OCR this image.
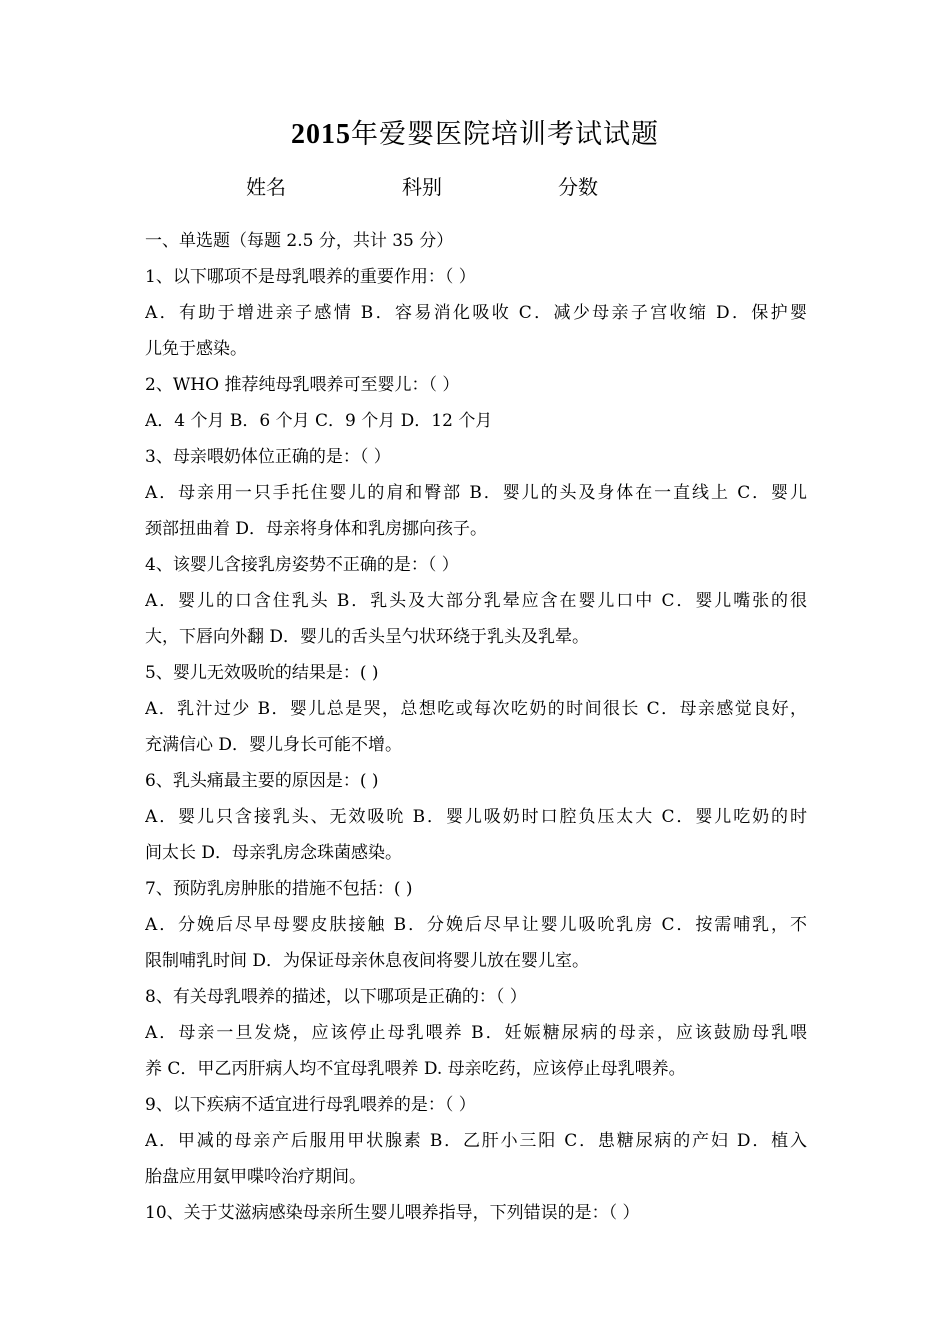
2015年爱婴医院培训考试试题
姓名	科别	分数
一、单选题（每题 2.5 分，共计 35 分）
1、以下哪项不是母乳喂养的重要作用：（ ）
A．有助于增进亲子感情 B．容易消化吸收 C．减少母亲子宫收缩 D．保护婴
儿免于感染。
2、WHO 推荐纯母乳喂养可至婴儿：（ ）
A．4 个月 B．6 个月 C．9 个月 D．12 个月
3、母亲喂奶体位正确的是：（ ）
A．母亲用一只手托住婴儿的肩和臀部 B．婴儿的头及身体在一直线上 C．婴儿
颈部扭曲着 D．母亲将身体和乳房挪向孩子。
4、该婴儿含接乳房姿势不正确的是：（ ）
A．婴儿的口含住乳头 B．乳头及大部分乳晕应含在婴儿口中 C．婴儿嘴张的很
大，下唇向外翻 D．婴儿的舌头呈勺状环绕于乳头及乳晕。
5、婴儿无效吸吮的结果是：( )
A．乳汁过少 B．婴儿总是哭，总想吃或每次吃奶的时间很长 C．母亲感觉良好，
充满信心 D．婴儿身长可能不增。
6、乳头痛最主要的原因是：( )
A．婴儿只含接乳头、无效吸吮 B．婴儿吸奶时口腔负压太大 C．婴儿吃奶的时
间太长 D．母亲乳房念珠菌感染。
7、预防乳房肿胀的措施不包括：( )
A．分娩后尽早母婴皮肤接触 B．分娩后尽早让婴儿吸吮乳房 C．按需哺乳，不
限制哺乳时间 D．为保证母亲休息夜间将婴儿放在婴儿室。
8、有关母乳喂养的描述，以下哪项是正确的：（ ）
A．母亲一旦发烧，应该停止母乳喂养 B．妊娠糖尿病的母亲，应该鼓励母乳喂
养 C．甲乙丙肝病人均不宜母乳喂养 D. 母亲吃药，应该停止母乳喂养。
9、以下疾病不适宜进行母乳喂养的是：（ ）
A．甲减的母亲产后服用甲状腺素 B．乙肝小三阳 C．患糖尿病的产妇 D．植入
胎盘应用氨甲喋呤治疗期间。
10、关于艾滋病感染母亲所生婴儿喂养指导，下列错误的是：（ ）
